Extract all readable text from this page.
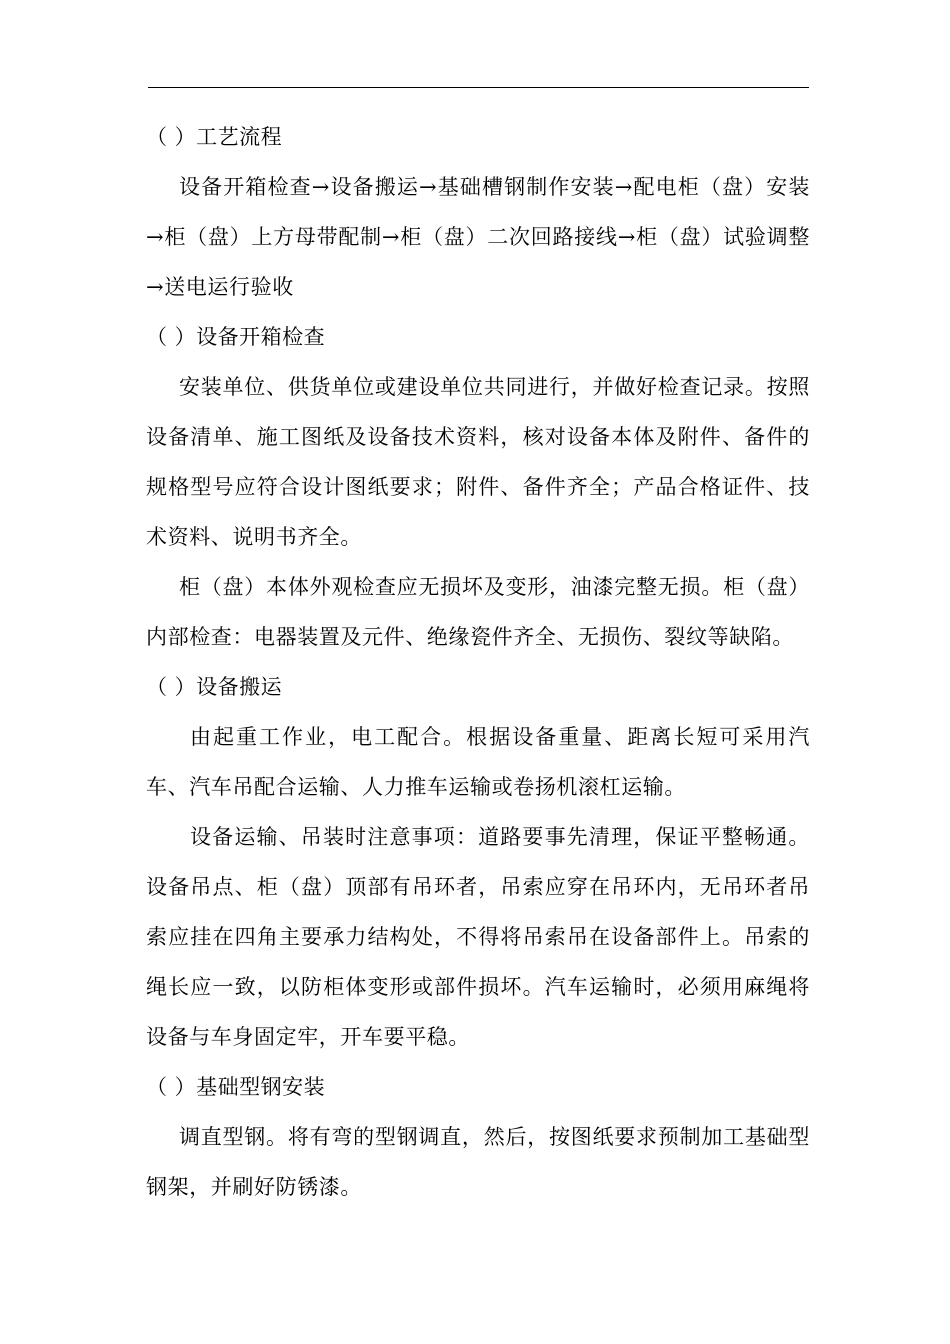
（ ）工艺流程

设备开箱检查→设备搬运→基础槽钢制作安装→配电柜（盘）安装→柜（盘）上方母带配制→柜（盘）二次回路接线→柜（盘）试验调整→送电运行验收

（ ）设备开箱检查

安装单位、供货单位或建设单位共同进行，并做好检查记录。按照设备清单、施工图纸及设备技术资料，核对设备本体及附件、备件的规格型号应符合设计图纸要求；附件、备件齐全；产品合格证件、技术资料、说明书齐全。

柜（盘）本体外观检查应无损坏及变形，油漆完整无损。柜（盘）内部检查：电器装置及元件、绝缘瓷件齐全、无损伤、裂纹等缺陷。

（ ）设备搬运

由起重工作业，电工配合。根据设备重量、距离长短可采用汽车、汽车吊配合运输、人力推车运输或卷扬机滚杠运输。

设备运输、吊装时注意事项：道路要事先清理，保证平整畅通。设备吊点、柜（盘）顶部有吊环者，吊索应穿在吊环内，无吊环者吊索应挂在四角主要承力结构处，不得将吊索吊在设备部件上。吊索的绳长应一致，以防柜体变形或部件损坏。汽车运输时，必须用麻绳将设备与车身固定牢，开车要平稳。

（ ）基础型钢安装

调直型钢。将有弯的型钢调直，然后，按图纸要求预制加工基础型钢架，并刷好防锈漆。
